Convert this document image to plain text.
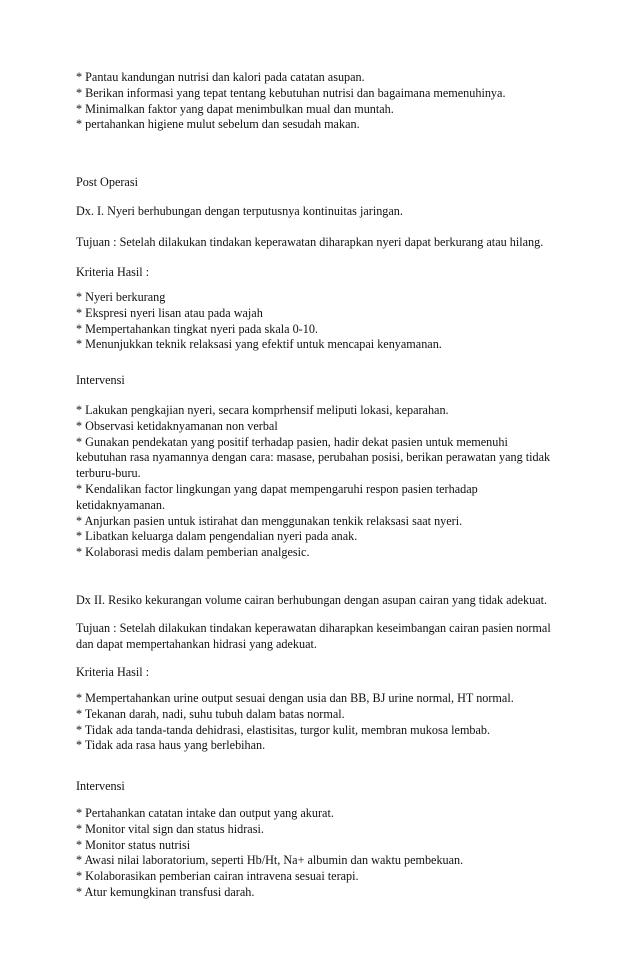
* Pantau kandungan nutrisi dan kalori pada catatan asupan.

* Berikan informasi yang tepat tentang kebutuhan nutrisi dan bagaimana memenuhinya.

* Minimalkan faktor yang dapat menimbulkan mual dan muntah.

* pertahankan higiene mulut sebelum dan sesudah makan.

Post Operasi

Dx. I. Nyeri berhubungan dengan terputusnya kontinuitas jaringan.

Tujuan : Setelah dilakukan tindakan keperawatan diharapkan nyeri dapat berkurang atau hilang.

Kriteria Hasil :

* Nyeri berkurang

* Ekspresi nyeri lisan atau pada wajah

* Mempertahankan tingkat nyeri pada skala 0-10.

* Menunjukkan teknik relaksasi yang efektif untuk mencapai kenyamanan.

Intervensi

* Lakukan pengkajian nyeri, secara komprhensif meliputi lokasi, keparahan.

* Observasi ketidaknyamanan non verbal

* Gunakan pendekatan yang positif terhadap pasien, hadir dekat pasien untuk memenuhi

kebutuhan rasa nyamannya dengan cara: masase, perubahan posisi, berikan perawatan yang tidak

terburu-buru.

* Kendalikan factor lingkungan yang dapat mempengaruhi respon pasien terhadap

ketidaknyamanan.

* Anjurkan pasien untuk istirahat dan menggunakan tenkik relaksasi saat nyeri.

* Libatkan keluarga dalam pengendalian nyeri pada anak.

* Kolaborasi medis dalam pemberian analgesic.

Dx II. Resiko kekurangan volume cairan berhubungan dengan asupan cairan yang tidak adekuat.

Tujuan : Setelah dilakukan tindakan keperawatan diharapkan keseimbangan cairan pasien normal

dan dapat mempertahankan hidrasi yang adekuat.

Kriteria Hasil :

* Mempertahankan urine output sesuai dengan usia dan BB, BJ urine normal, HT normal.

* Tekanan darah, nadi, suhu tubuh dalam batas normal.

* Tidak ada tanda-tanda dehidrasi, elastisitas, turgor kulit, membran mukosa lembab.

* Tidak ada rasa haus yang berlebihan.

Intervensi

* Pertahankan catatan intake dan output yang akurat.

* Monitor vital sign dan status hidrasi.

* Monitor status nutrisi

* Awasi nilai laboratorium, seperti Hb/Ht, Na+ albumin dan waktu pembekuan.

* Kolaborasikan pemberian cairan intravena sesuai terapi.

* Atur kemungkinan transfusi darah.
